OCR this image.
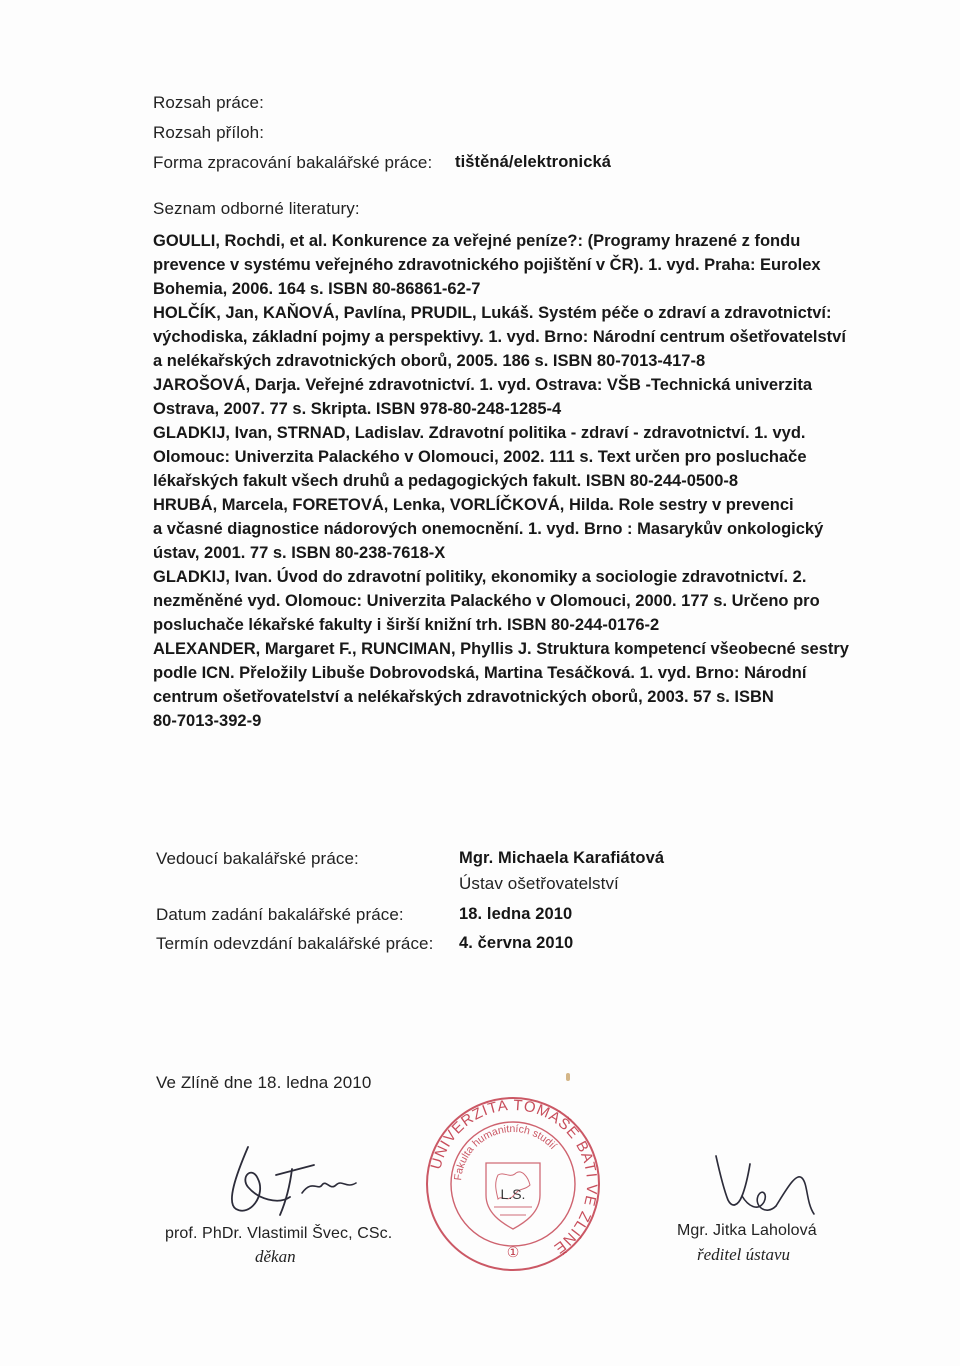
Rozsah práce:
Rozsah příloh:
Forma zpracování bakalářské práce: tištěná/elektronická
Seznam odborné literatury:
GOULLI, Rochdi, et al. Konkurence za veřejné peníze?: (Programy hrazené z fondu
prevence v systému veřejného zdravotnického pojištění v ČR). 1. vyd. Praha: Eurolex
Bohemia, 2006. 164 s. ISBN 80-86861-62-7
HOLČÍK, Jan, KAŇOVÁ, Pavlína, PRUDIL, Lukáš. Systém péče o zdraví a zdravotnictví:
východiska, základní pojmy a perspektivy. 1. vyd. Brno: Národní centrum ošetřovatelství
a nelékařských zdravotnických oborů, 2005. 186 s. ISBN 80-7013-417-8
JAROŠOVÁ, Darja. Veřejné zdravotnictví. 1. vyd. Ostrava: VŠB -Technická univerzita
Ostrava, 2007. 77 s. Skripta. ISBN 978-80-248-1285-4
GLADKIJ, Ivan, STRNAD, Ladislav. Zdravotní politika - zdraví - zdravotnictví. 1. vyd.
Olomouc: Univerzita Palackého v Olomouci, 2002. 111 s. Text určen pro posluchače
lékařských fakult všech druhů a pedagogických fakult. ISBN 80-244-0500-8
HRUBÁ, Marcela, FORETOVÁ, Lenka, VORLÍČKOVÁ, Hilda. Role sestry v prevenci
a včasné diagnostice nádorových onemocnění. 1. vyd. Brno : Masarykův onkologický
ústav, 2001. 77 s. ISBN 80-238-7618-X
GLADKIJ, Ivan. Úvod do zdravotní politiky, ekonomiky a sociologie zdravotnictví. 2.
nezměněné vyd. Olomouc: Univerzita Palackého v Olomouci, 2000. 177 s. Určeno pro
posluchače lékařské fakulty i širší knižní trh. ISBN 80-244-0176-2
ALEXANDER, Margaret F., RUNCIMAN, Phyllis J. Struktura kompetencí všeobecné sestry
podle ICN. Přeložily Libuše Dobrovodská, Martina Tesáčková. 1. vyd. Brno: Národní
centrum ošetřovatelství a nelékařských zdravotnických oborů, 2003. 57 s. ISBN
80-7013-392-9
Vedoucí bakalářské práce:	Mgr. Michaela Karafiátová
Ústav ošetřovatelství
Datum zadání bakalářské práce:	18. ledna 2010
Termín odevzdání bakalářské práce: 4. června 2010
Ve Zlíně dne 18. ledna 2010
prof. PhDr. Vlastimil Švec, CSc.
děkan
UNIVERZITA TOMÁŠE BATI VE ZLÍNĚ
Fakulta humanitních studií
L.S.
①
Mgr. Jitka Laholová
ředitel ústavu
